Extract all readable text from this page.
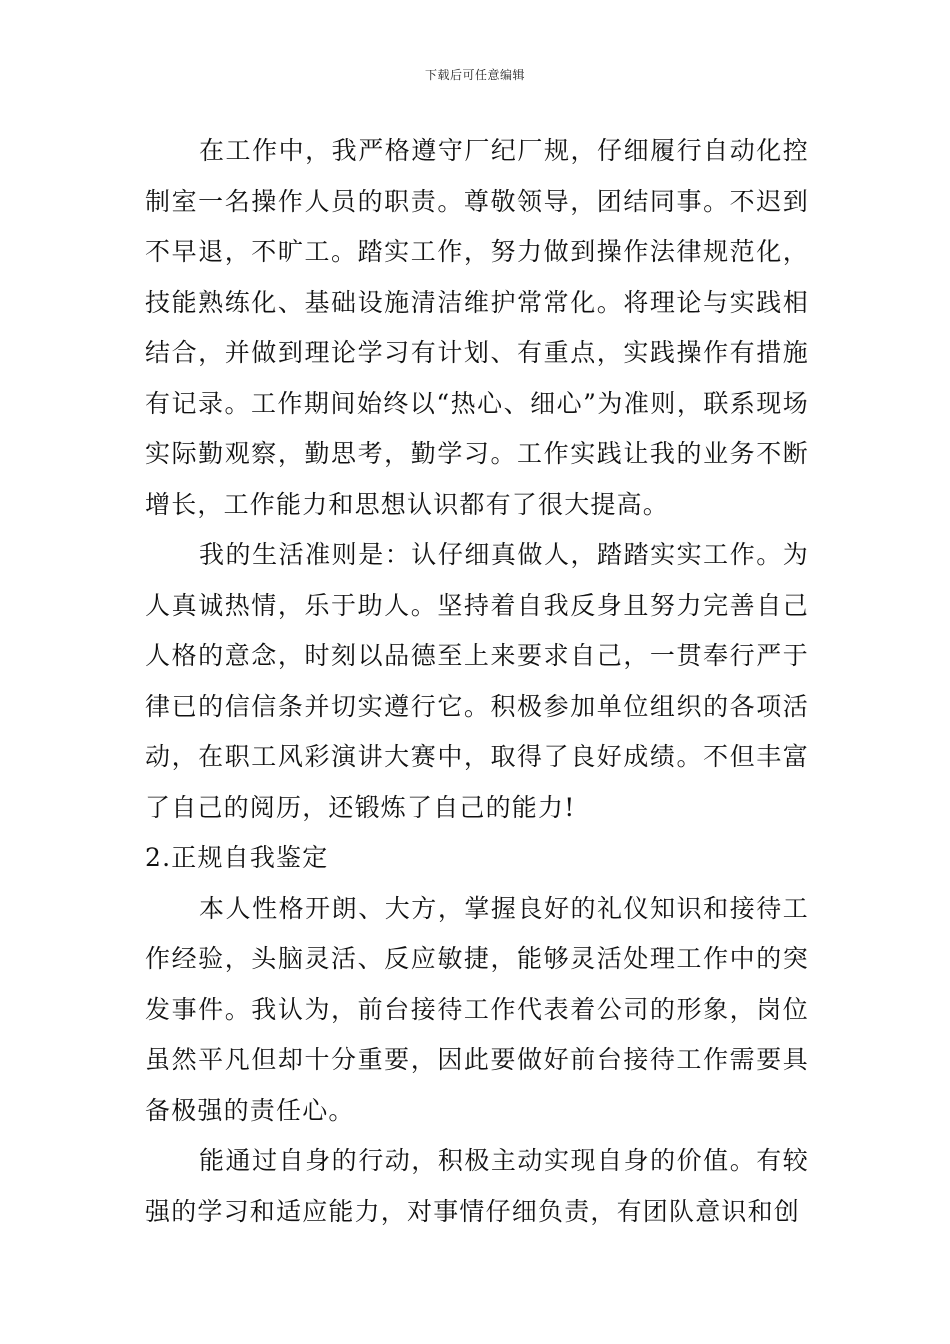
下载后可任意编辑

在工作中，我严格遵守厂纪厂规，仔细履行自动化控制室一名操作人员的职责。尊敬领导，团结同事。不迟到不早退，不旷工。踏实工作，努力做到操作法律规范化，技能熟练化、基础设施清洁维护常常化。将理论与实践相结合，并做到理论学习有计划、有重点，实践操作有措施有记录。工作期间始终以“热心、细心”为准则，联系现场实际勤观察，勤思考，勤学习。工作实践让我的业务不断增长，工作能力和思想认识都有了很大提高。

我的生活准则是：认仔细真做人，踏踏实实工作。为人真诚热情，乐于助人。坚持着自我反身且努力完善自己人格的意念，时刻以品德至上来要求自己，一贯奉行严于律已的信信条并切实遵行它。积极参加单位组织的各项活动，在职工风彩演讲大赛中，取得了良好成绩。不但丰富了自己的阅历，还锻炼了自己的能力!

2.正规自我鉴定

本人性格开朗、大方，掌握良好的礼仪知识和接待工作经验，头脑灵活、反应敏捷，能够灵活处理工作中的突发事件。我认为，前台接待工作代表着公司的形象，岗位虽然平凡但却十分重要，因此要做好前台接待工作需要具备极强的责任心。

能通过自身的行动，积极主动实现自身的价值。有较强的学习和适应能力，对事情仔细负责，有团队意识和创
